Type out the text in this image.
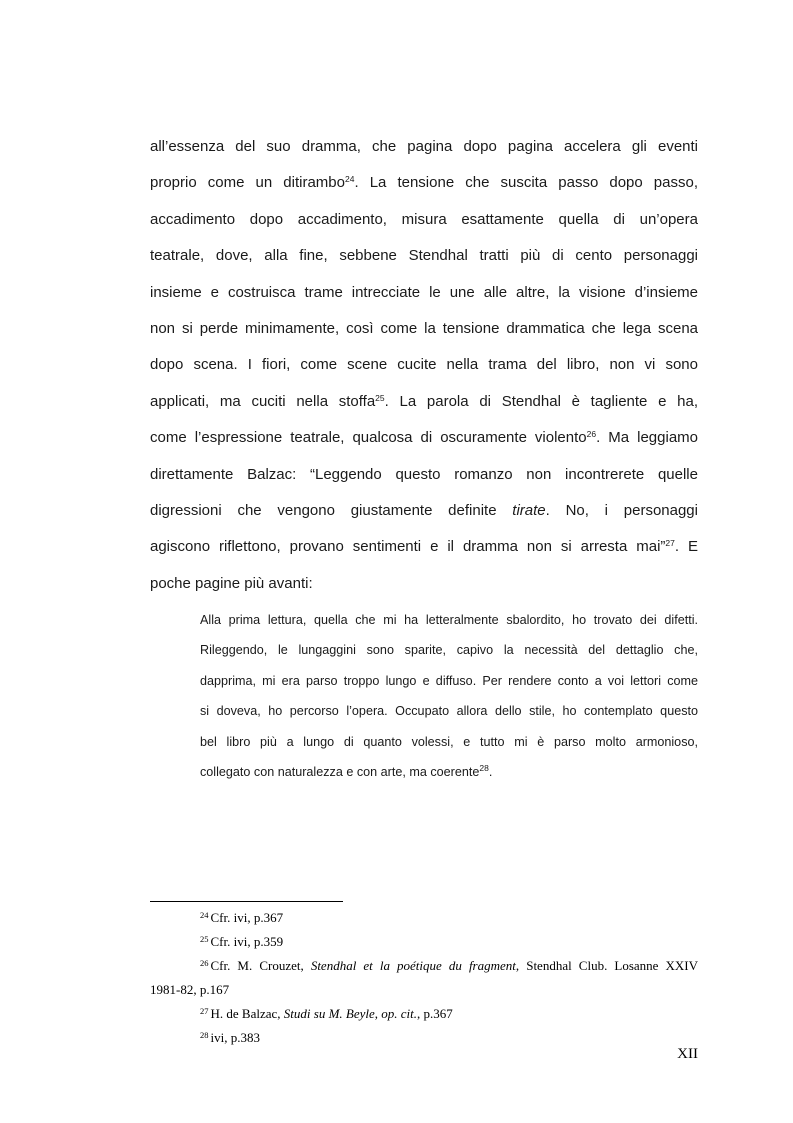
all’essenza del suo dramma, che pagina dopo pagina accelera gli eventi
proprio come un ditirambo$^{24}$. La tensione che suscita passo dopo passo,
accadimento dopo accadimento, misura esattamente quella di un’opera
teatrale, dove, alla fine, sebbene Stendhal tratti più di cento personaggi
insieme e costruisca trame intrecciate le une alle altre, la visione d’insieme
non si perde minimamente, così come la tensione drammatica che lega scena
dopo scena. I fiori, come scene cucite nella trama del libro, non vi sono
applicati, ma cuciti nella stoffa$^{25}$. La parola di Stendhal è tagliente e ha,
come l’espressione teatrale, qualcosa di oscuramente violento$^{26}$. Ma leggiamo
direttamente Balzac: “Leggendo questo romanzo non incontrerete quelle
digressioni che vengono giustamente definite tirate. No, i personaggi
agiscono riflettono, provano sentimenti e il dramma non si arresta mai”$^{27}$. E
poche pagine più avanti:
Alla prima lettura, quella che mi ha letteralmente sbalordito, ho trovato dei difetti.
Rileggendo, le lungaggini sono sparite, capivo la necessità del dettaglio che,
dapprima, mi era parso troppo lungo e diffuso. Per rendere conto a voi lettori come
si doveva, ho percorso l’opera. Occupato allora dello stile, ho contemplato questo
bel libro più a lungo di quanto volessi, e tutto mi è parso molto armonioso,
collegato con naturalezza e con arte, ma coerente$^{28}$.
$^{24}$ Cfr. ivi, p.367
$^{25}$ Cfr. ivi, p.359
$^{26}$ Cfr. M. Crouzet, Stendhal et la poétique du fragment, Stendhal Club. Losanne XXIV
1981-82, p.167
$^{27}$ H. de Balzac, Studi su M. Beyle, op. cit., p.367
$^{28}$ ivi, p.383
XII
